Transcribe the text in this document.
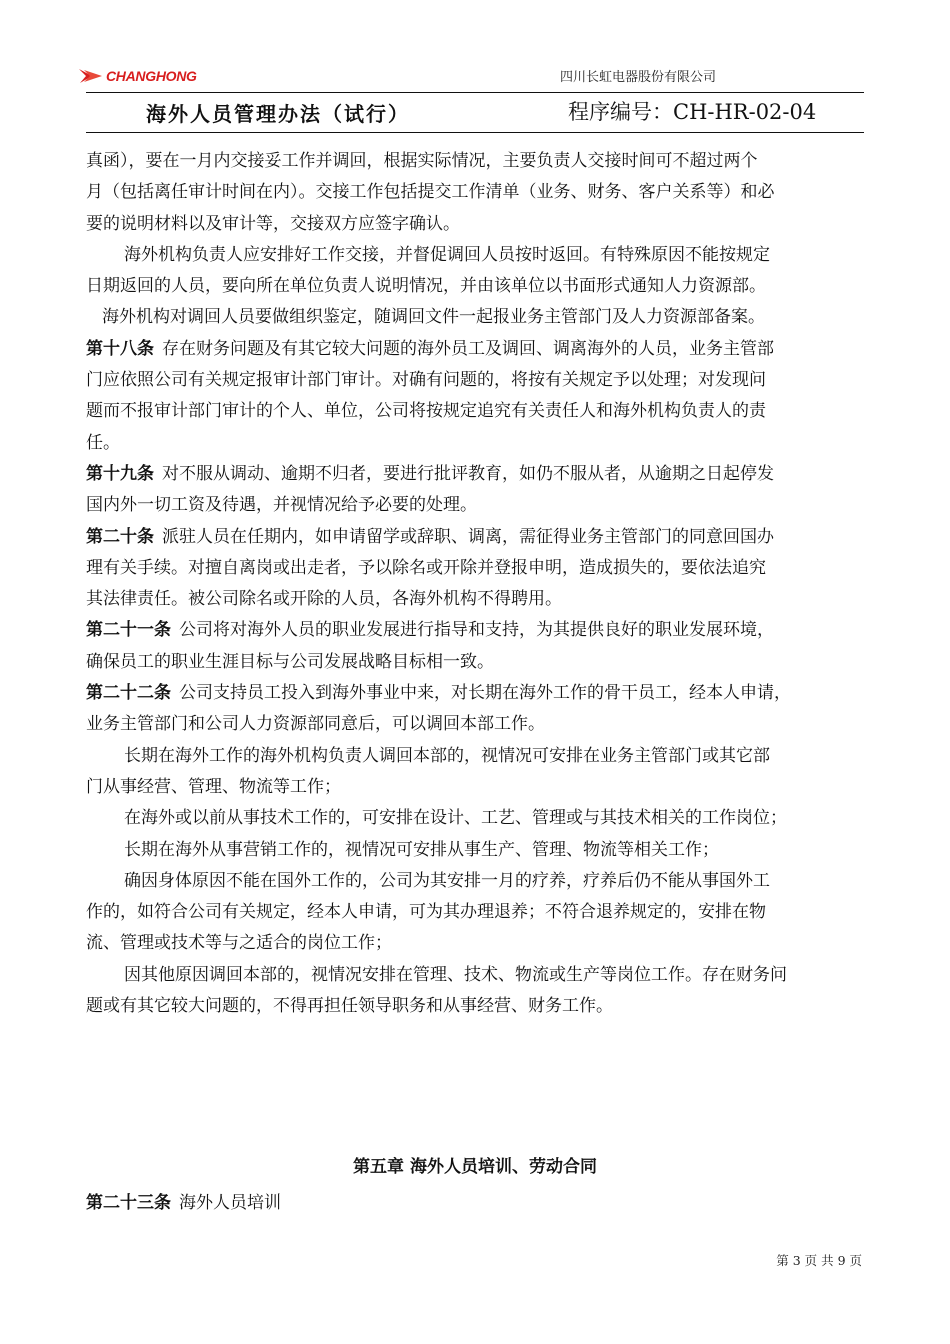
CHANGHONG	四川长虹电器股份有限公司
海外人员管理办法（试行）	程序编号：CH-HR-02-04
真函），要在一月内交接妥工作并调回，根据实际情况，主要负责人交接时间可不超过两个
月（包括离任审计时间在内）。交接工作包括提交工作清单（业务、财务、客户关系等）和必
要的说明材料以及审计等，交接双方应签字确认。
海外机构负责人应安排好工作交接，并督促调回人员按时返回。有特殊原因不能按规定
日期返回的人员，要向所在单位负责人说明情况，并由该单位以书面形式通知人力资源部。
海外机构对调回人员要做组织鉴定，随调回文件一起报业务主管部门及人力资源部备案。
第十八条 存在财务问题及有其它较大问题的海外员工及调回、调离海外的人员，业务主管部
门应依照公司有关规定报审计部门审计。对确有问题的，将按有关规定予以处理；对发现问
题而不报审计部门审计的个人、单位，公司将按规定追究有关责任人和海外机构负责人的责
任。
第十九条 对不服从调动、逾期不归者，要进行批评教育，如仍不服从者，从逾期之日起停发
国内外一切工资及待遇，并视情况给予必要的处理。
第二十条 派驻人员在任期内，如申请留学或辞职、调离，需征得业务主管部门的同意回国办
理有关手续。对擅自离岗或出走者，予以除名或开除并登报申明，造成损失的，要依法追究
其法律责任。被公司除名或开除的人员，各海外机构不得聘用。
第二十一条 公司将对海外人员的职业发展进行指导和支持，为其提供良好的职业发展环境，
确保员工的职业生涯目标与公司发展战略目标相一致。
第二十二条 公司支持员工投入到海外事业中来，对长期在海外工作的骨干员工，经本人申请，
业务主管部门和公司人力资源部同意后，可以调回本部工作。
长期在海外工作的海外机构负责人调回本部的，视情况可安排在业务主管部门或其它部
门从事经营、管理、物流等工作；
在海外或以前从事技术工作的，可安排在设计、工艺、管理或与其技术相关的工作岗位；
长期在海外从事营销工作的，视情况可安排从事生产、管理、物流等相关工作；
确因身体原因不能在国外工作的，公司为其安排一月的疗养，疗养后仍不能从事国外工
作的，如符合公司有关规定，经本人申请，可为其办理退养；不符合退养规定的，安排在物
流、管理或技术等与之适合的岗位工作；
因其他原因调回本部的，视情况安排在管理、技术、物流或生产等岗位工作。存在财务问
题或有其它较大问题的，不得再担任领导职务和从事经营、财务工作。
第五章 海外人员培训、劳动合同
第二十三条 海外人员培训
第 3 页 共 9 页
